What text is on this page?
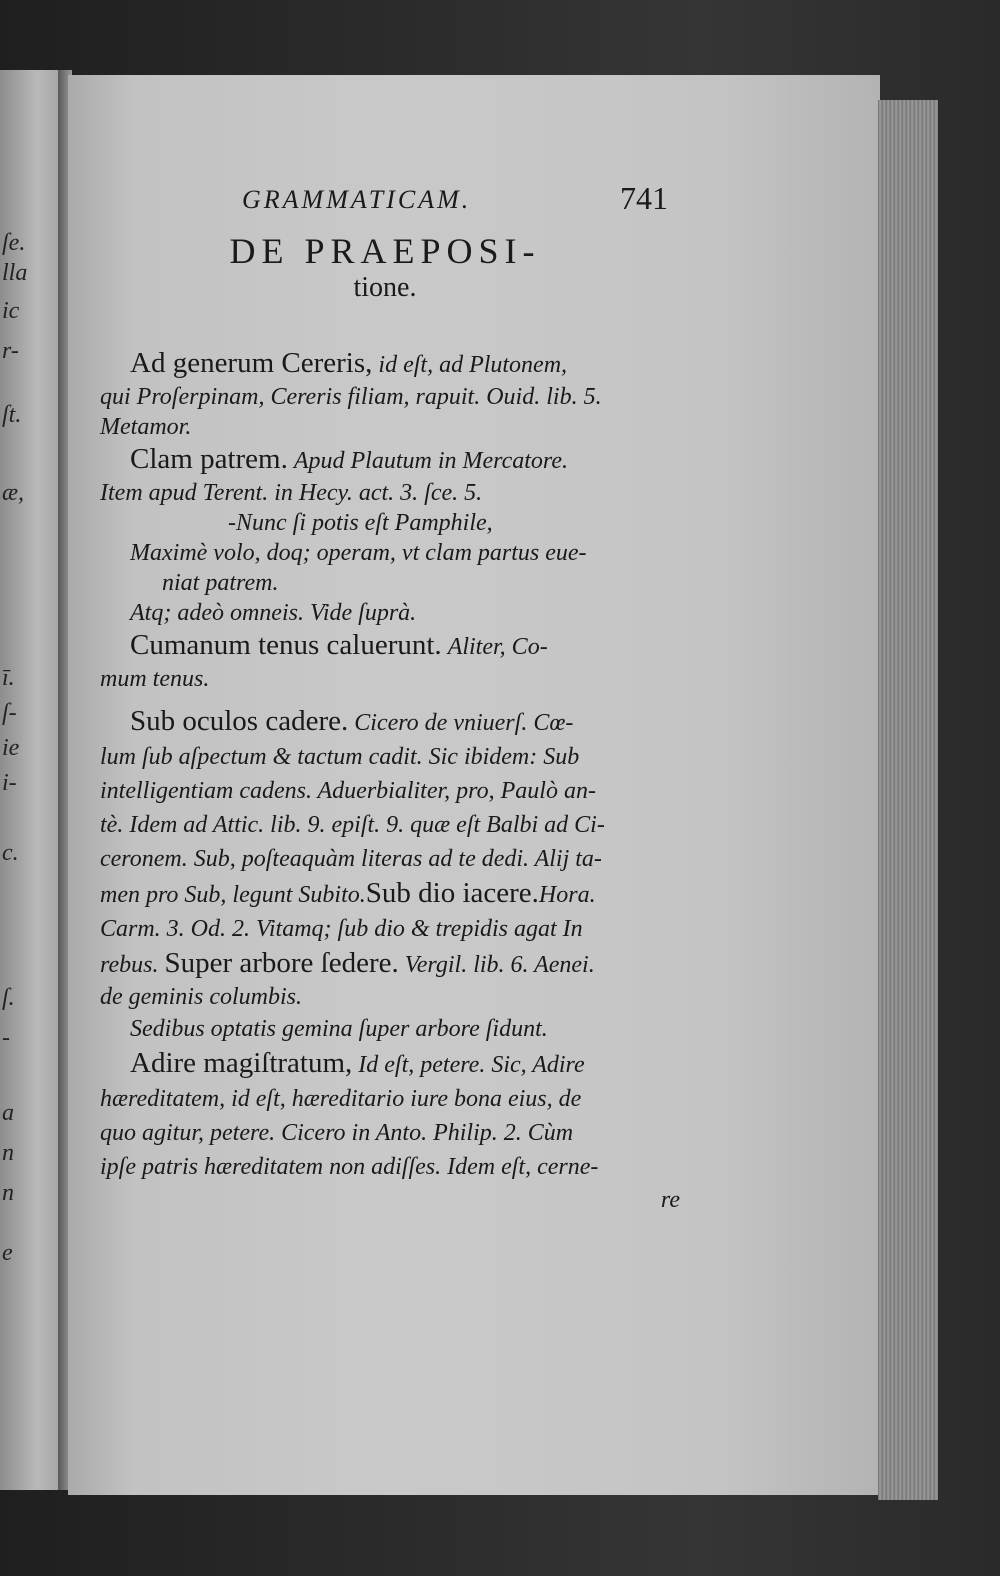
ſe.
lla
ic
r-
ſt.
æ,
ī.
ſ-
ie
i-
c.
ſ.
-
a
n
n
e
GRAMMATICAM.	741
DE PRAEPOSI-
tione.
Ad generum Cereris, id eſt, ad Plutonem,
qui Proſerpinam, Cereris filiam, rapuit. Ouid. lib. 5.
Metamor.
Clam patrem. Apud Plautum in Mercatore.
Item apud Terent. in Hecy. act. 3. ſce. 5.
-Nunc ſi potis eſt Pamphile,
Maximè volo, doq; operam, vt clam partus eue-
niat patrem.
Atq; adeò omneis. Vide ſuprà.
Cumanum tenus caluerunt. Aliter, Co-
mum tenus.
Sub oculos cadere. Cicero de vniuerſ. Cœ-
lum ſub aſpectum & tactum cadit. Sic ibidem: Sub
intelligentiam cadens. Aduerbialiter, pro, Paulò an-
tè. Idem ad Attic. lib. 9. epiſt. 9. quæ eſt Balbi ad Ci-
ceronem. Sub, poſteaquàm literas ad te dedi. Alij ta-
men pro Sub, legunt Subito.Sub dio iacere.Hora.
Carm. 3. Od. 2. Vitamq; ſub dio & trepidis agat In
rebus. Super arbore ſedere. Vergil. lib. 6. Aenei.
de geminis columbis.
Sedibus optatis gemina ſuper arbore ſidunt.
Adire magiſtratum, Id eſt, petere. Sic, Adire
hæreditatem, id eſt, hæreditario iure bona eius, de
quo agitur, petere. Cicero in Anto. Philip. 2. Cùm
ipſe patris hæreditatem non adiſſes. Idem eſt, cerne-
re
